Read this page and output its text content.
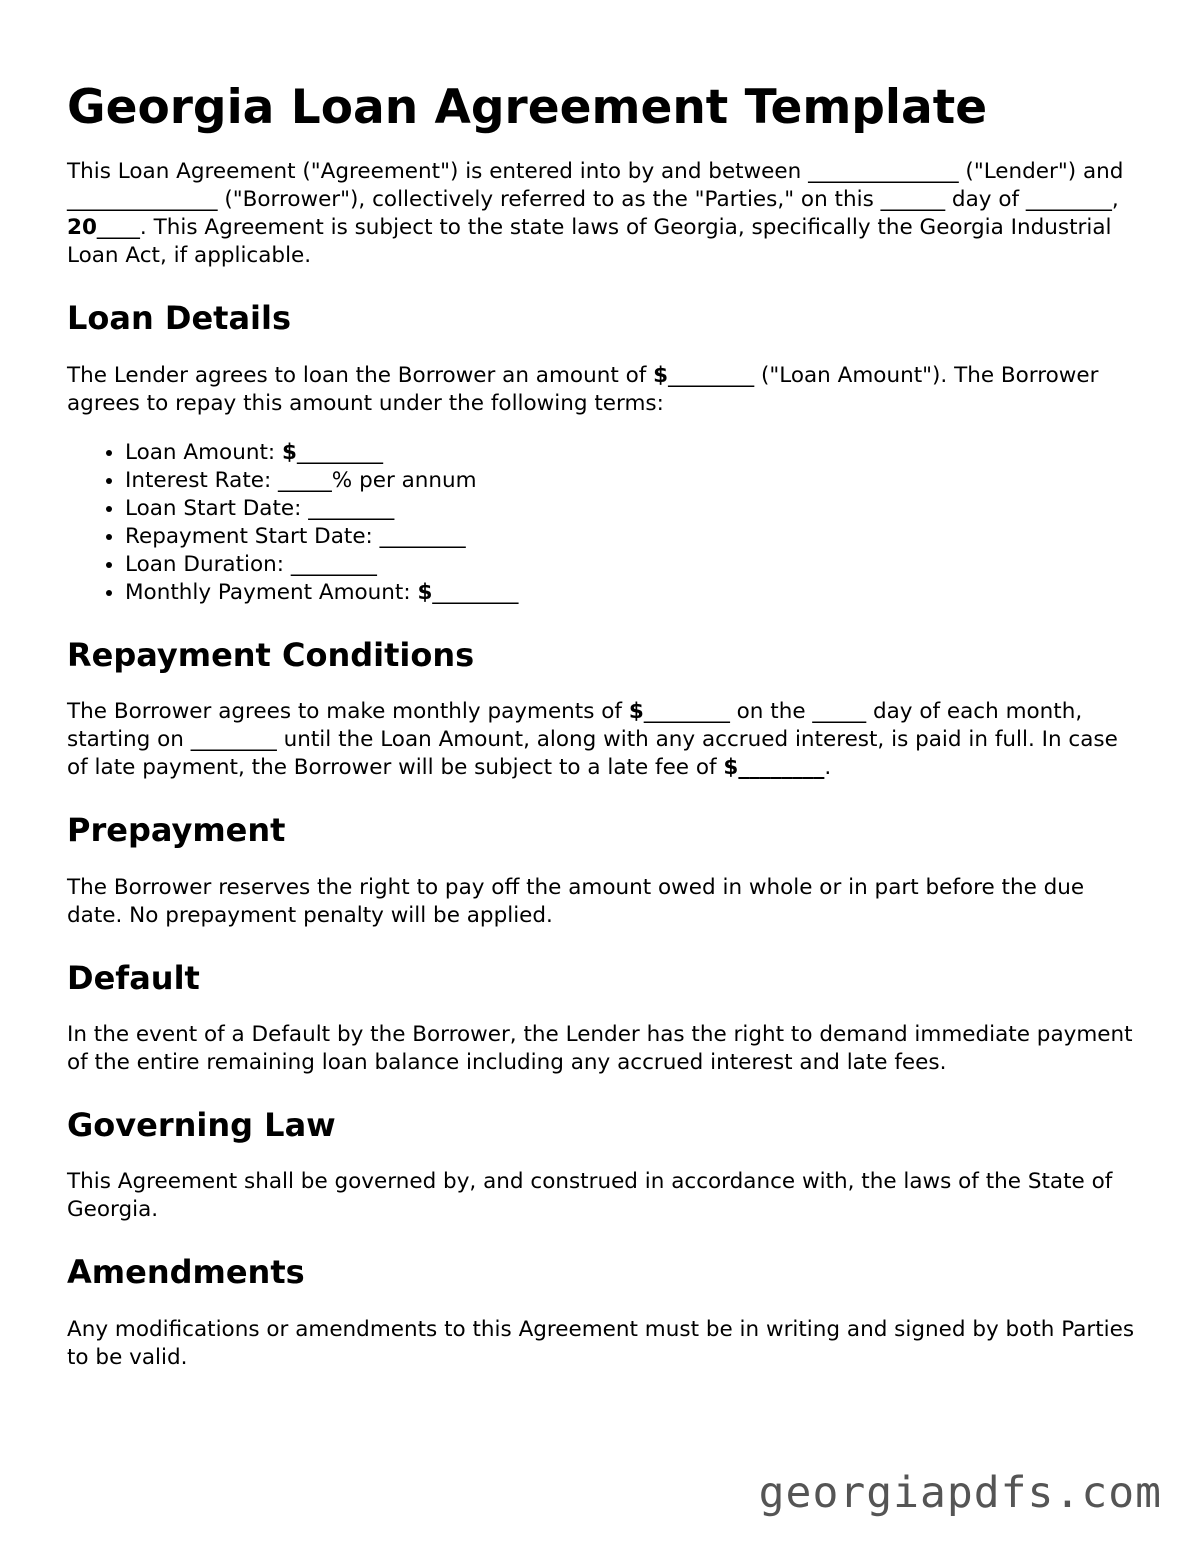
Georgia Loan Agreement Template

This Loan Agreement ("Agreement") is entered into by and between ______________ ("Lender") and ______________ ("Borrower"), collectively referred to as the "Parties," on this ______ day of ________, 20____. This Agreement is subject to the state laws of Georgia, specifically the Georgia Industrial Loan Act, if applicable.

Loan Details

The Lender agrees to loan the Borrower an amount of $________ ("Loan Amount"). The Borrower agrees to repay this amount under the following terms:

• Loan Amount: $________
• Interest Rate: _____% per annum
• Loan Start Date: ________
• Repayment Start Date: ________
• Loan Duration: ________
• Monthly Payment Amount: $________
Repayment Conditions

The Borrower agrees to make monthly payments of $________ on the _____ day of each month, starting on ________ until the Loan Amount, along with any accrued interest, is paid in full. In case of late payment, the Borrower will be subject to a late fee of $________.

Prepayment

The Borrower reserves the right to pay off the amount owed in whole or in part before the due date. No prepayment penalty will be applied.

Default

In the event of a Default by the Borrower, the Lender has the right to demand immediate payment of the entire remaining loan balance including any accrued interest and late fees.

Governing Law

This Agreement shall be governed by, and construed in accordance with, the laws of the State of Georgia.

Amendments

Any modifications or amendments to this Agreement must be in writing and signed by both Parties to be valid.

georgiapdfs.com
